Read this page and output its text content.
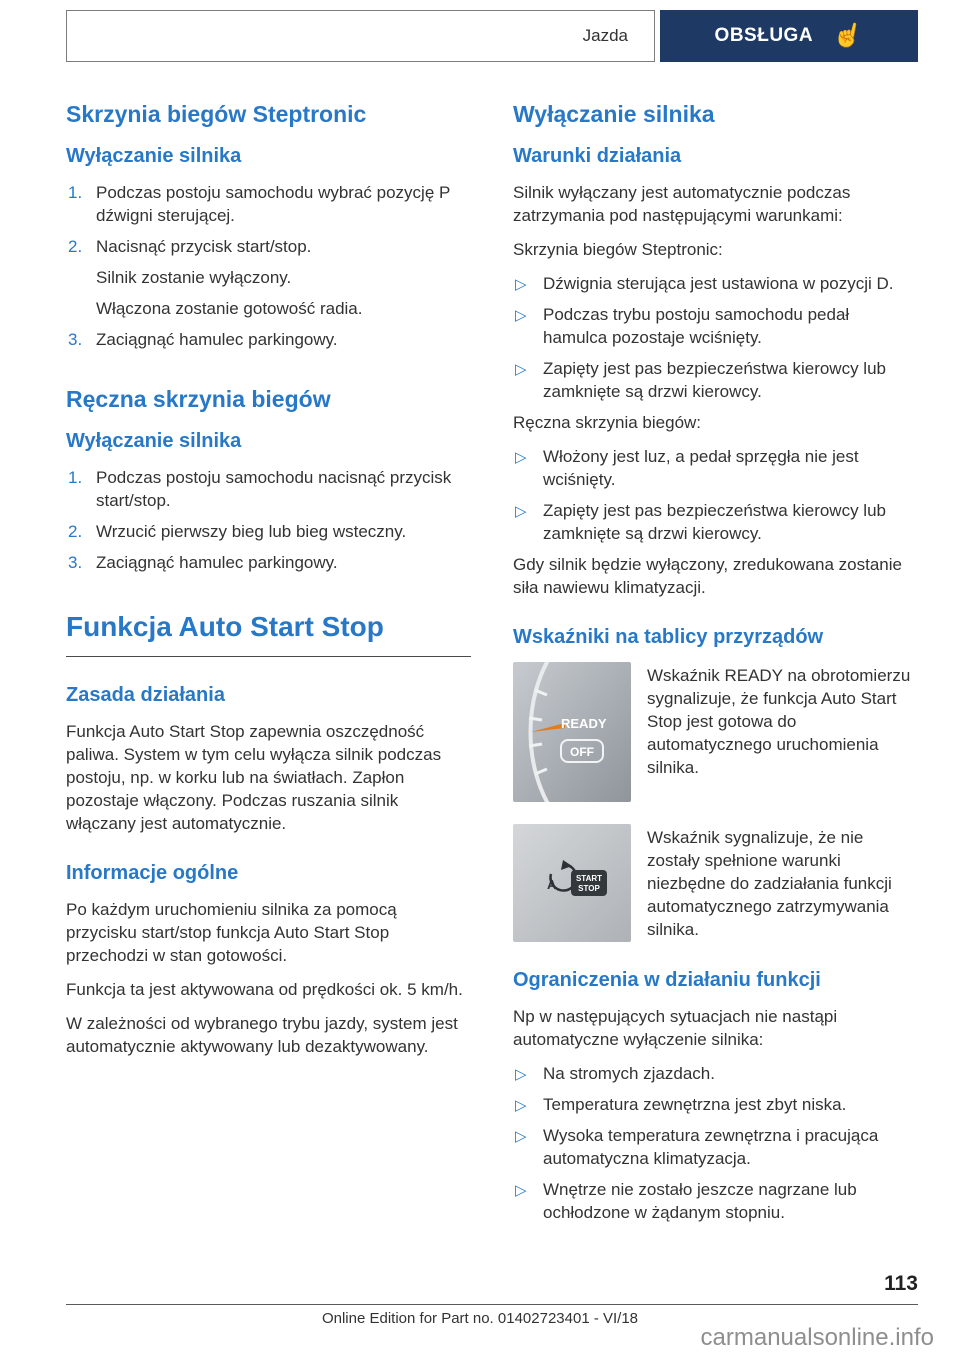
Jazda	OBSŁUGA ☝
Skrzynia biegów Steptronic
Wyłączanie silnika
1. Podczas postoju samochodu wybrać pozycję P dźwigni sterującej.
2. Nacisnąć przycisk start/stop.
Silnik zostanie wyłączony.
Włączona zostanie gotowość radia.
3. Zaciągnąć hamulec parkingowy.
Ręczna skrzynia biegów
Wyłączanie silnika
1. Podczas postoju samochodu nacisnąć przycisk start/stop.
2. Wrzucić pierwszy bieg lub bieg wsteczny.
3. Zaciągnąć hamulec parkingowy.
Funkcja Auto Start Stop
Zasada działania

Funkcja Auto Start Stop zapewnia oszczędność paliwa. System w tym celu wyłącza silnik podczas postoju, np. w korku lub na światłach. Zapłon pozostaje włączony. Podczas ruszania silnik włączany jest automatycznie.

Informacje ogólne

Po każdym uruchomieniu silnika za pomocą przycisku start/stop funkcja Auto Start Stop przechodzi w stan gotowości.

Funkcja ta jest aktywowana od prędkości ok. 5 km/h.

W zależności od wybranego trybu jazdy, system jest automatycznie aktywowany lub dezaktywowany.

Wyłączanie silnika
Warunki działania

Silnik wyłączany jest automatycznie podczas zatrzymania pod następującymi warunkami:

Skrzynia biegów Steptronic:

▷ Dźwignia sterująca jest ustawiona w pozycji D.
▷ Podczas trybu postoju samochodu pedał hamulca pozostaje wciśnięty.
▷ Zapięty jest pas bezpieczeństwa kierowcy lub zamknięte są drzwi kierowcy.

Ręczna skrzynia biegów:

▷ Włożony jest luz, a pedał sprzęgła nie jest wciśnięty.
▷ Zapięty jest pas bezpieczeństwa kierowcy lub zamknięte są drzwi kierowcy.

Gdy silnik będzie wyłączony, zredukowana zostanie siła nawiewu klimatyzacji.

Wskaźniki na tablicy przyrządów
READY
OFF

Wskaźnik READY na obrotomierzu sygnalizuje, że funkcja Auto Start Stop jest gotowa do automatycznego uruchomienia silnika.

A START
STOP

Wskaźnik sygnalizuje, że nie zostały spełnione warunki niezbędne do zadziałania funkcji automatycznego zatrzymywania silnika.

Ograniczenia w działaniu funkcji

Np w następujących sytuacjach nie nastąpi automatyczne wyłączenie silnika:

▷ Na stromych zjazdach.
▷ Temperatura zewnętrzna jest zbyt niska.
▷ Wysoka temperatura zewnętrzna i pracująca automatyczna klimatyzacja.
▷ Wnętrze nie zostało jeszcze nagrzane lub ochłodzone w żądanym stopniu.
113
Online Edition for Part no. 01402723401 - VI/18
carmanualsonline.info
